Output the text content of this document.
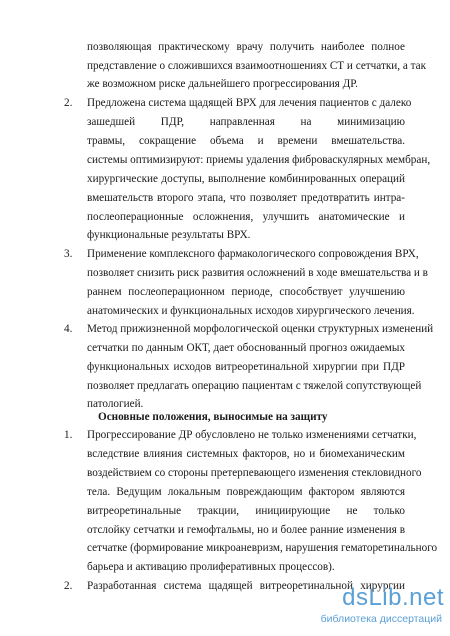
позволяющая практическому врачу получить наиболее полное
представление о сложившихся взаимоотношениях СТ и сетчатки, а так
же возможном риске дальнейшего прогрессирования ДР.
2. Предложена система щадящей ВРХ для лечения пациентов с далеко
зашедшей ПДР, направленная на минимизацию
травмы, сокращение объема и времени вмешательства.
системы оптимизируют: приемы удаления фиброваскулярных мембран,
хирургические доступы, выполнение комбинированных операций
вмешательств второго этапа, что позволяет предотвратить интра-
послеоперационные осложнения, улучшить анатомические и
функциональные результаты ВРХ.
3. Применение комплексного фармакологического сопровождения ВРХ,
позволяет снизить риск развития осложнений в ходе вмешательства и в
раннем послеоперационном периоде, способствует улучшению
анатомических и функциональных исходов хирургического лечения.
4. Метод прижизненной морфологической оценки структурных изменений
сетчатки по данным ОКТ, дает обоснованный прогноз ожидаемых
функциональных исходов витреоретинальной хирургии при ПДР
позволяет предлагать операцию пациентам с тяжелой сопутствующей
патологией.
Основные положения, выносимые на защиту
1. Прогрессирование ДР обусловлено не только изменениями сетчатки,
вследствие влияния системных факторов, но и биомеханическим
воздействием со стороны претерпевающего изменения стекловидного
тела. Ведущим локальным повреждающим фактором являются
витреоретинальные тракции, инициирующие не только
отслойку сетчатки и гемофтальмы, но и более ранние изменения в
сетчатке (формирование микроаневризм, нарушения гематоретинального
барьера и активацию пролиферативных процессов).
2. Разработанная система щадящей витреоретинальной хирургии
dsLib.net
библиотека диссертаций
